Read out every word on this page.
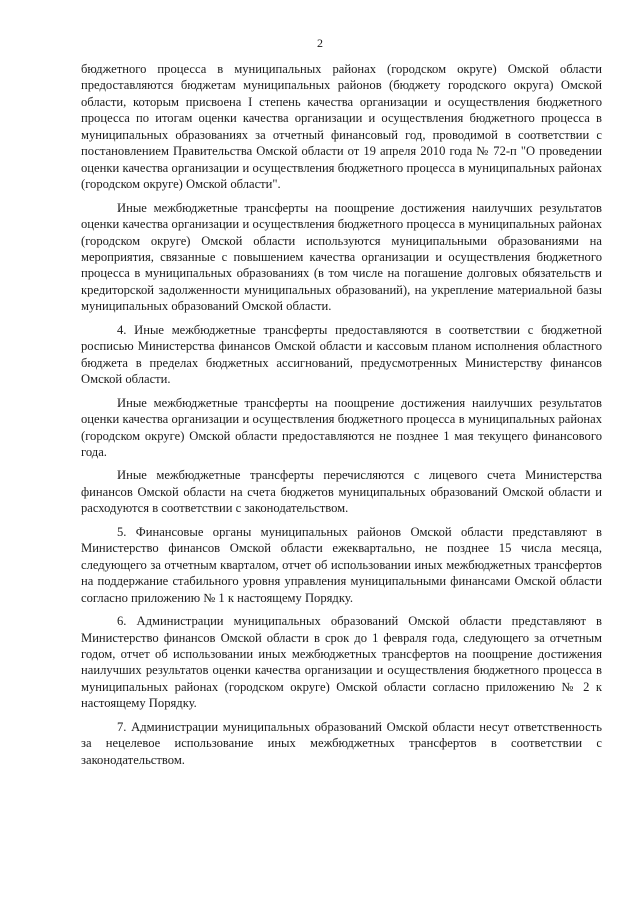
2

бюджетного процесса в муниципальных районах (городском округе) Омской области предоставляются бюджетам муниципальных районов (бюджету городского округа) Омской области, которым присвоена I степень качества организации и осуществления бюджетного процесса по итогам оценки качества организации и осуществления бюджетного процесса в муниципальных образованиях за отчетный финансовый год, проводимой в соответствии с постановлением Правительства Омской области от 19 апреля 2010 года № 72-п "О проведении оценки качества организации и осуществления бюджетного процесса в муниципальных районах (городском округе) Омской области".

Иные межбюджетные трансферты на поощрение достижения наилучших результатов оценки качества организации и осуществления бюджетного процесса в муниципальных районах (городском округе) Омской области используются муниципальными образованиями на мероприятия, связанные с повышением качества организации и осуществления бюджетного процесса в муниципальных образованиях (в том числе на погашение долговых обязательств и кредиторской задолженности муниципальных образований), на укрепление материальной базы муниципальных образований Омской области.

4. Иные межбюджетные трансферты предоставляются в соответствии с бюджетной росписью Министерства финансов Омской области и кассовым планом исполнения областного бюджета в пределах бюджетных ассигнований, предусмотренных Министерству финансов Омской области.

Иные межбюджетные трансферты на поощрение достижения наилучших результатов оценки качества организации и осуществления бюджетного процесса в муниципальных районах (городском округе) Омской области предоставляются не позднее 1 мая текущего финансового года.

Иные межбюджетные трансферты перечисляются с лицевого счета Министерства финансов Омской области на счета бюджетов муниципальных образований Омской области и расходуются в соответствии с законодательством.

5. Финансовые органы муниципальных районов Омской области представляют в Министерство финансов Омской области ежеквартально, не позднее 15 числа месяца, следующего за отчетным кварталом, отчет об использовании иных межбюджетных трансфертов на поддержание стабильного уровня управления муниципальными финансами Омской области согласно приложению № 1 к настоящему Порядку.

6. Администрации муниципальных образований Омской области представляют в Министерство финансов Омской области в срок до 1 февраля года, следующего за отчетным годом, отчет об использовании иных межбюджетных трансфертов на поощрение достижения наилучших результатов оценки качества организации и осуществления бюджетного процесса в муниципальных районах (городском округе) Омской области согласно приложению № 2 к настоящему Порядку.

7. Администрации муниципальных образований Омской области несут ответственность за нецелевое использование иных межбюджетных трансфертов в соответствии с законодательством.
